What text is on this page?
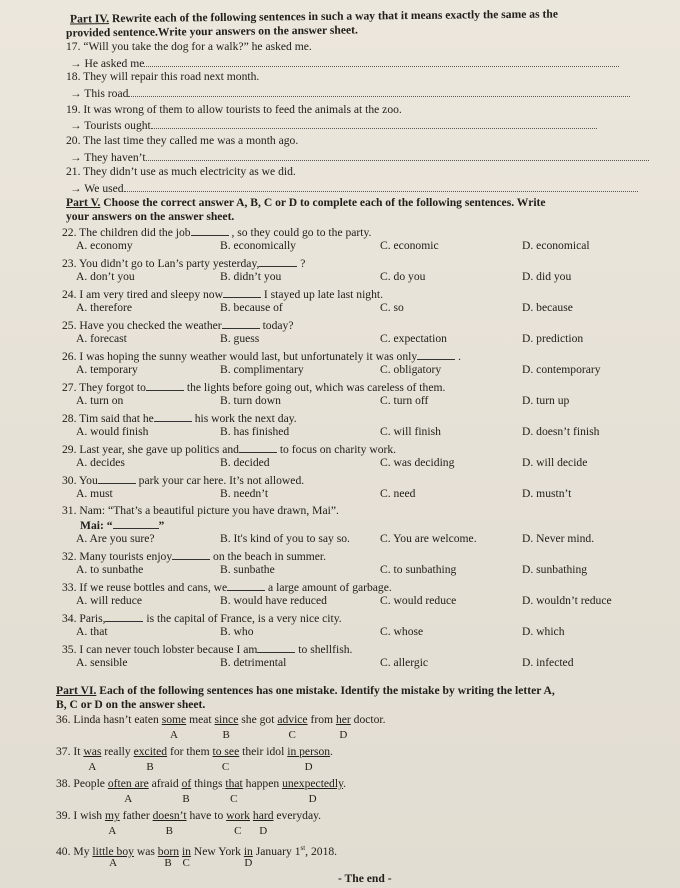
Part IV. Rewrite each of the following sentences in such a way that it means exactly the same as the
provided sentence.Write your answers on the answer sheet.
17. “Will you take the dog for a walk?” he asked me.
→ He asked me
18. They will repair this road next month.
→ This road
19. It was wrong of them to allow tourists to feed the animals at the zoo.
→ Tourists ought
20. The last time they called me was a month ago.
→ They haven’t
21. They didn’t use as much electricity as we did.
→ We used
Part V. Choose the correct answer A, B, C or D to complete each of the following sentences. Write
your answers on the answer sheet.
22. The children did the job	, so they could go to the party.
A. economy	B. economically	C. economic	D. economical
23. You didn’t go to Lan’s party yesterday,	?
A. don’t you	B. didn’t you	C. do you	D. did you
24. I am very tired and sleepy now	I stayed up late last night.
A. therefore	B. because of	C. so	D. because
25. Have you checked the weather	today?
A. forecast	B. guess	C. expectation	D. prediction
26. I was hoping the sunny weather would last, but unfortunately it was only	.
A. temporary	B. complimentary	C. obligatory	D. contemporary
27. They forgot to	the lights before going out, which was careless of them.
A. turn on	B. turn down	C. turn off	D. turn up
28. Tim said that he	his work the next day.
A. would finish	B. has finished	C. will finish	D. doesn’t finish
29. Last year, she gave up politics and	to focus on charity work.
A. decides	B. decided	C. was deciding	D. will decide
30. You	park your car here. It’s not allowed.
A. must	B. needn’t	C. need	D. mustn’t
31. Nam: “That’s a beautiful picture you have drawn, Mai”.
Mai: “	”
A. Are you sure?	B. It's kind of you to say so.	C. You are welcome.	D. Never mind.
32. Many tourists enjoy	on the beach in summer.
A. to sunbathe	B. sunbathe	C. to sunbathing	D. sunbathing
33. If we reuse bottles and cans, we	a large amount of garbage.
A. will reduce	B. would have reduced	C. would reduce	D. wouldn’t reduce
34. Paris,	is the capital of France, is a very nice city.
A. that	B. who	C. whose	D. which
35. I can never touch lobster because I am	to shellfish.
A. sensible	B. detrimental	C. allergic	D. infected
Part VI. Each of the following sentences has one mistake. Identify the mistake by writing the letter A,
B, C or D on the answer sheet.
36. Linda hasn’t eaten some meat since she got advice from her doctor.
37. It was really excited for them to see their idol in person.
38. People often are afraid of things that happen unexpectedly.
39. I wish my father doesn’t have to work hard everyday.
40. My little boy was born in New York in January 1st, 2018.
- The end -
A	B	C	D
A	B	C	D
A	B	C	D
A	B	C D
A	B C	D
